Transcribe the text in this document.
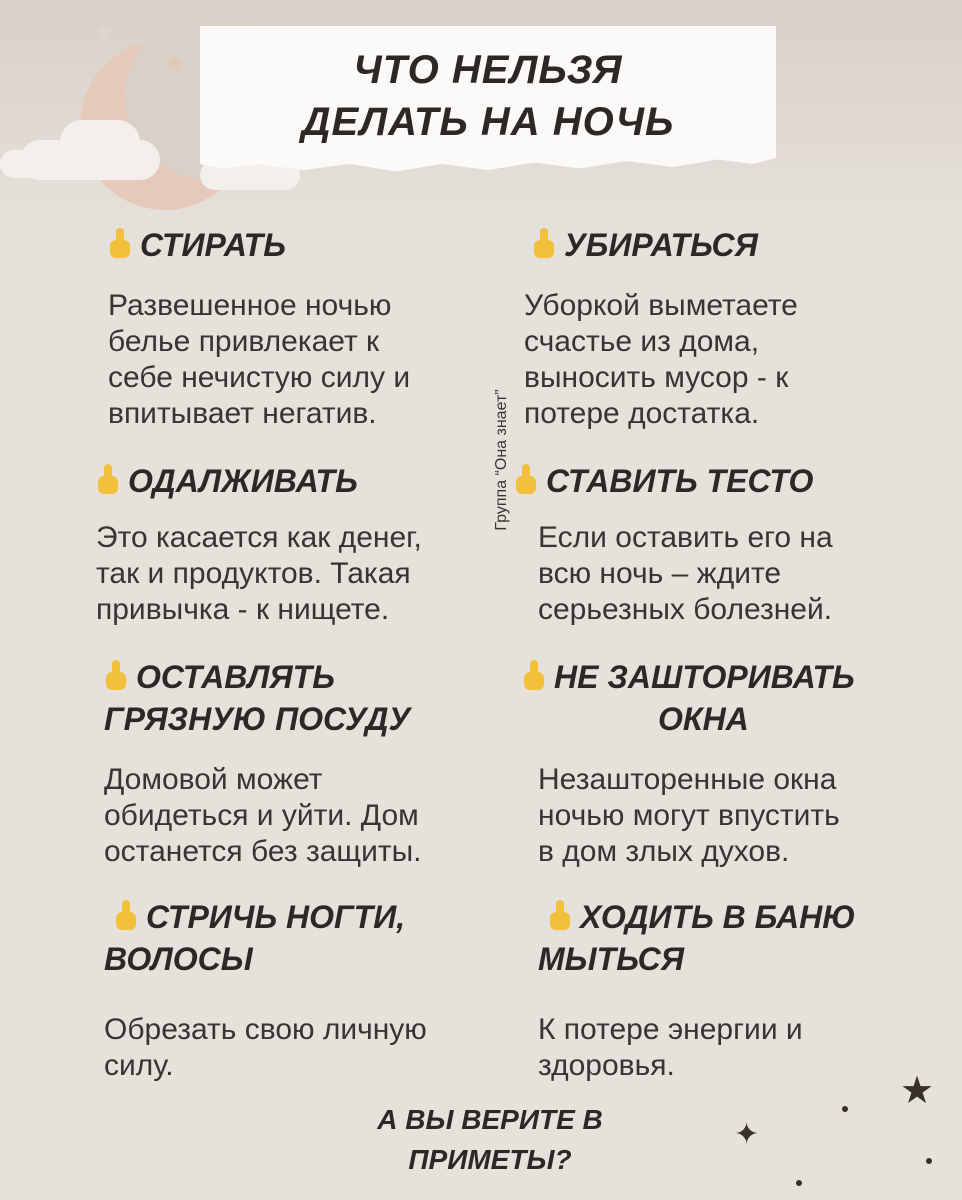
★
☆
ЧТО НЕЛЬЗЯ
ДЕЛАТЬ НА НОЧЬ
СТИРАТЬ
Развешенное ночью
белье привлекает к
себе нечистую силу и
впитывает негатив.
УБИРАТЬСЯ
Уборкой выметаете
счастье из дома,
выносить мусор - к
потере достатка.
ОДАЛЖИВАТЬ
Это касается как денег,
так и продуктов. Такая
привычка - к нищете.
СТАВИТЬ ТЕСТО
Если оставить его на
всю ночь – ждите
серьезных болезней.
ОСТАВЛЯТЬ
ГРЯЗНУЮ ПОСУДУ
Домовой может
обидеться и уйти. Дом
останется без защиты.
НЕ ЗАШТОРИВАТЬ
ОКНА
Незашторенные окна
ночью могут впустить
в дом злых духов.
СТРИЧЬ НОГТИ,
ВОЛОСЫ
Обрезать свою личную
силу.
ХОДИТЬ В БАНЮ
МЫТЬСЯ
К потере энергии и
здоровья.
Группа “Она знает”
А ВЫ ВЕРИТЕ В
ПРИМЕТЫ?
★
✦
